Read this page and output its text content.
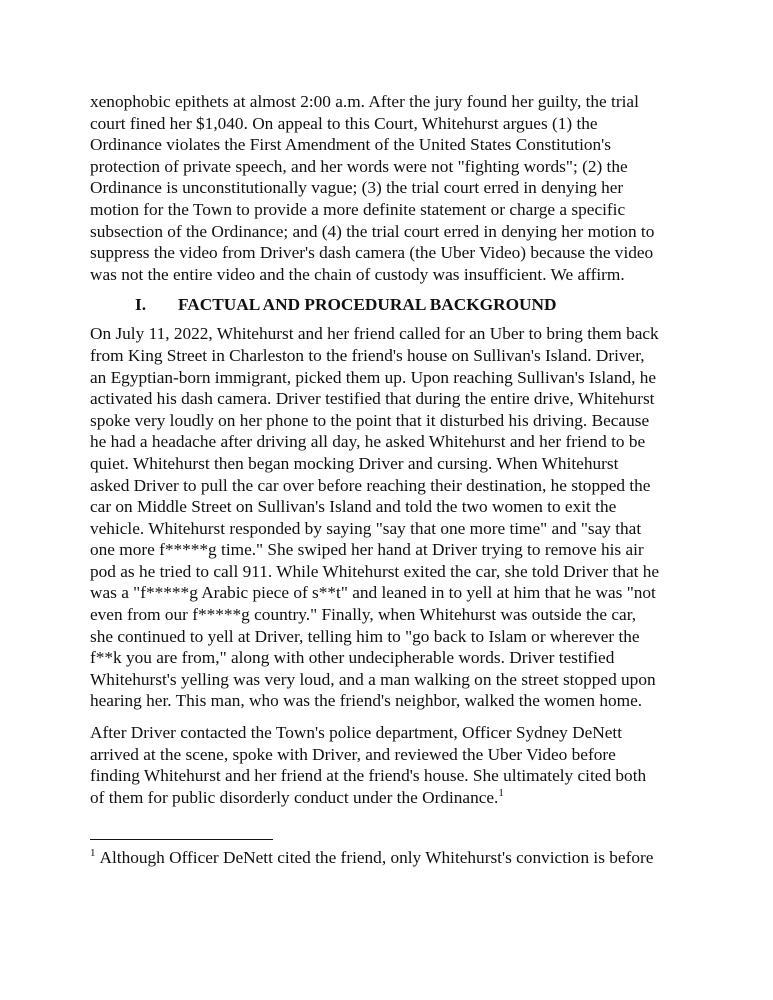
xenophobic epithets at almost 2:00 a.m. After the jury found her guilty, the trial
court fined her $1,040. On appeal to this Court, Whitehurst argues (1) the
Ordinance violates the First Amendment of the United States Constitution's
protection of private speech, and her words were not "fighting words"; (2) the
Ordinance is unconstitutionally vague; (3) the trial court erred in denying her
motion for the Town to provide a more definite statement or charge a specific
subsection of the Ordinance; and (4) the trial court erred in denying her motion to
suppress the video from Driver's dash camera (the Uber Video) because the video
was not the entire video and the chain of custody was insufficient. We affirm.
I.	FACTUAL AND PROCEDURAL BACKGROUND
On July 11, 2022, Whitehurst and her friend called for an Uber to bring them back
from King Street in Charleston to the friend's house on Sullivan's Island. Driver,
an Egyptian-born immigrant, picked them up. Upon reaching Sullivan's Island, he
activated his dash camera. Driver testified that during the entire drive, Whitehurst
spoke very loudly on her phone to the point that it disturbed his driving. Because
he had a headache after driving all day, he asked Whitehurst and her friend to be
quiet. Whitehurst then began mocking Driver and cursing. When Whitehurst
asked Driver to pull the car over before reaching their destination, he stopped the
car on Middle Street on Sullivan's Island and told the two women to exit the
vehicle. Whitehurst responded by saying "say that one more time" and "say that
one more f*****g time." She swiped her hand at Driver trying to remove his air
pod as he tried to call 911. While Whitehurst exited the car, she told Driver that he
was a "f*****g Arabic piece of s**t" and leaned in to yell at him that he was "not
even from our f*****g country." Finally, when Whitehurst was outside the car,
she continued to yell at Driver, telling him to "go back to Islam or wherever the
f**k you are from," along with other undecipherable words. Driver testified
Whitehurst's yelling was very loud, and a man walking on the street stopped upon
hearing her. This man, who was the friend's neighbor, walked the women home.
After Driver contacted the Town's police department, Officer Sydney DeNett
arrived at the scene, spoke with Driver, and reviewed the Uber Video before
finding Whitehurst and her friend at the friend's house. She ultimately cited both
of them for public disorderly conduct under the Ordinance.$^1$
$^1$ Although Officer DeNett cited the friend, only Whitehurst's conviction is before
